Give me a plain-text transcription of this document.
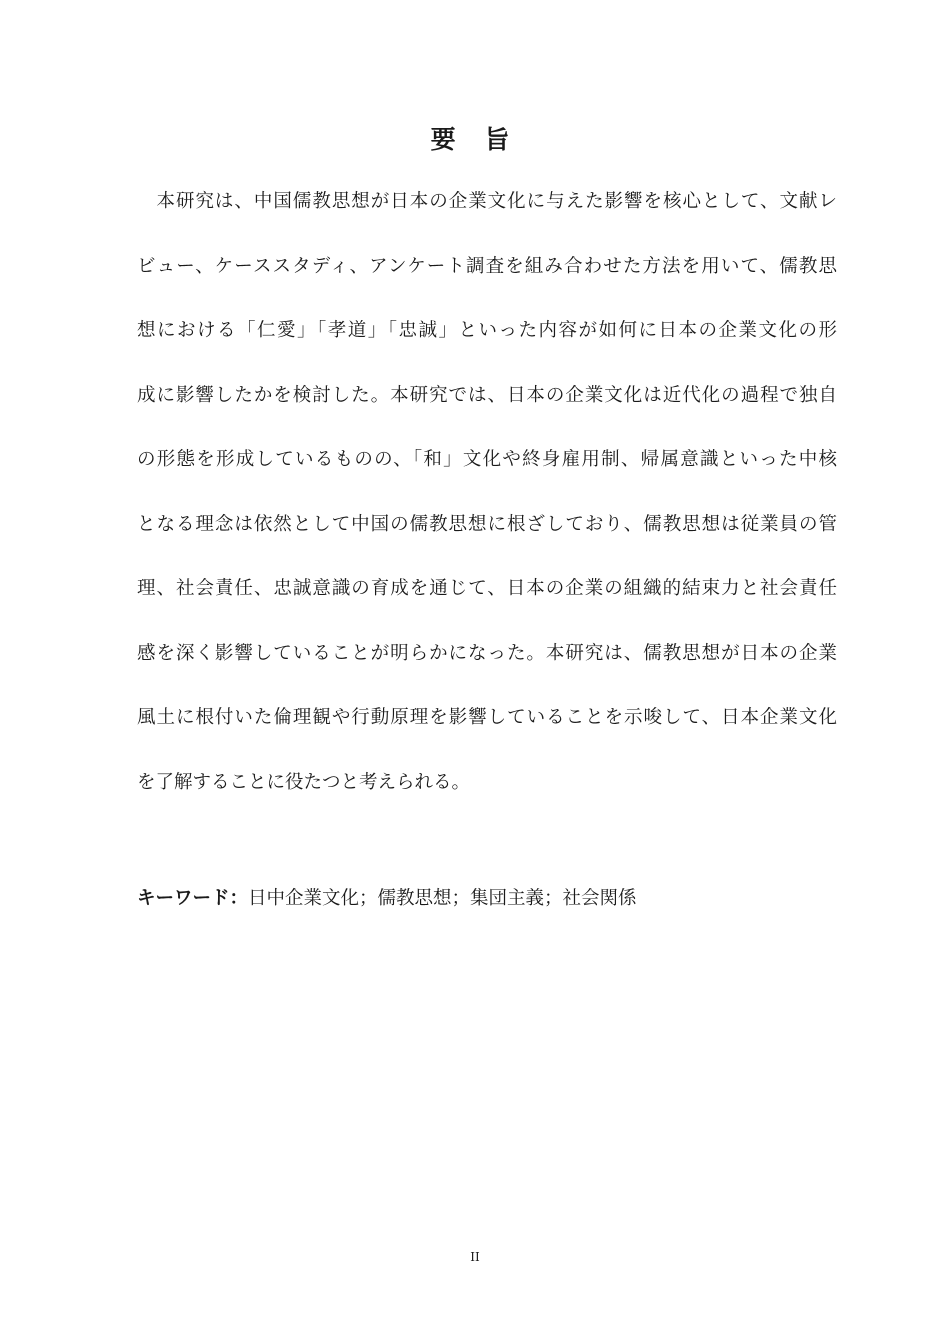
要 旨
　本研究は、中国儒教思想が日本の企業文化に与えた影響を核心として、文献レ
ビュー、ケーススタディ、アンケート調査を組み合わせた方法を用いて、儒教思
想における「仁愛」「孝道」「忠誠」といった内容が如何に日本の企業文化の形
成に影響したかを検討した。本研究では、日本の企業文化は近代化の過程で独自
の形態を形成しているものの、「和」文化や終身雇用制、帰属意識といった中核
となる理念は依然として中国の儒教思想に根ざしており、儒教思想は従業員の管
理、社会責任、忠誠意識の育成を通じて、日本の企業の組織的結束力と社会責任
感を深く影響していることが明らかになった。本研究は、儒教思想が日本の企業
風土に根付いた倫理観や行動原理を影響していることを示唆して、日本企業文化
を了解することに役たつと考えられる。
キーワード：日中企業文化；儒教思想；集団主義；社会関係
II
